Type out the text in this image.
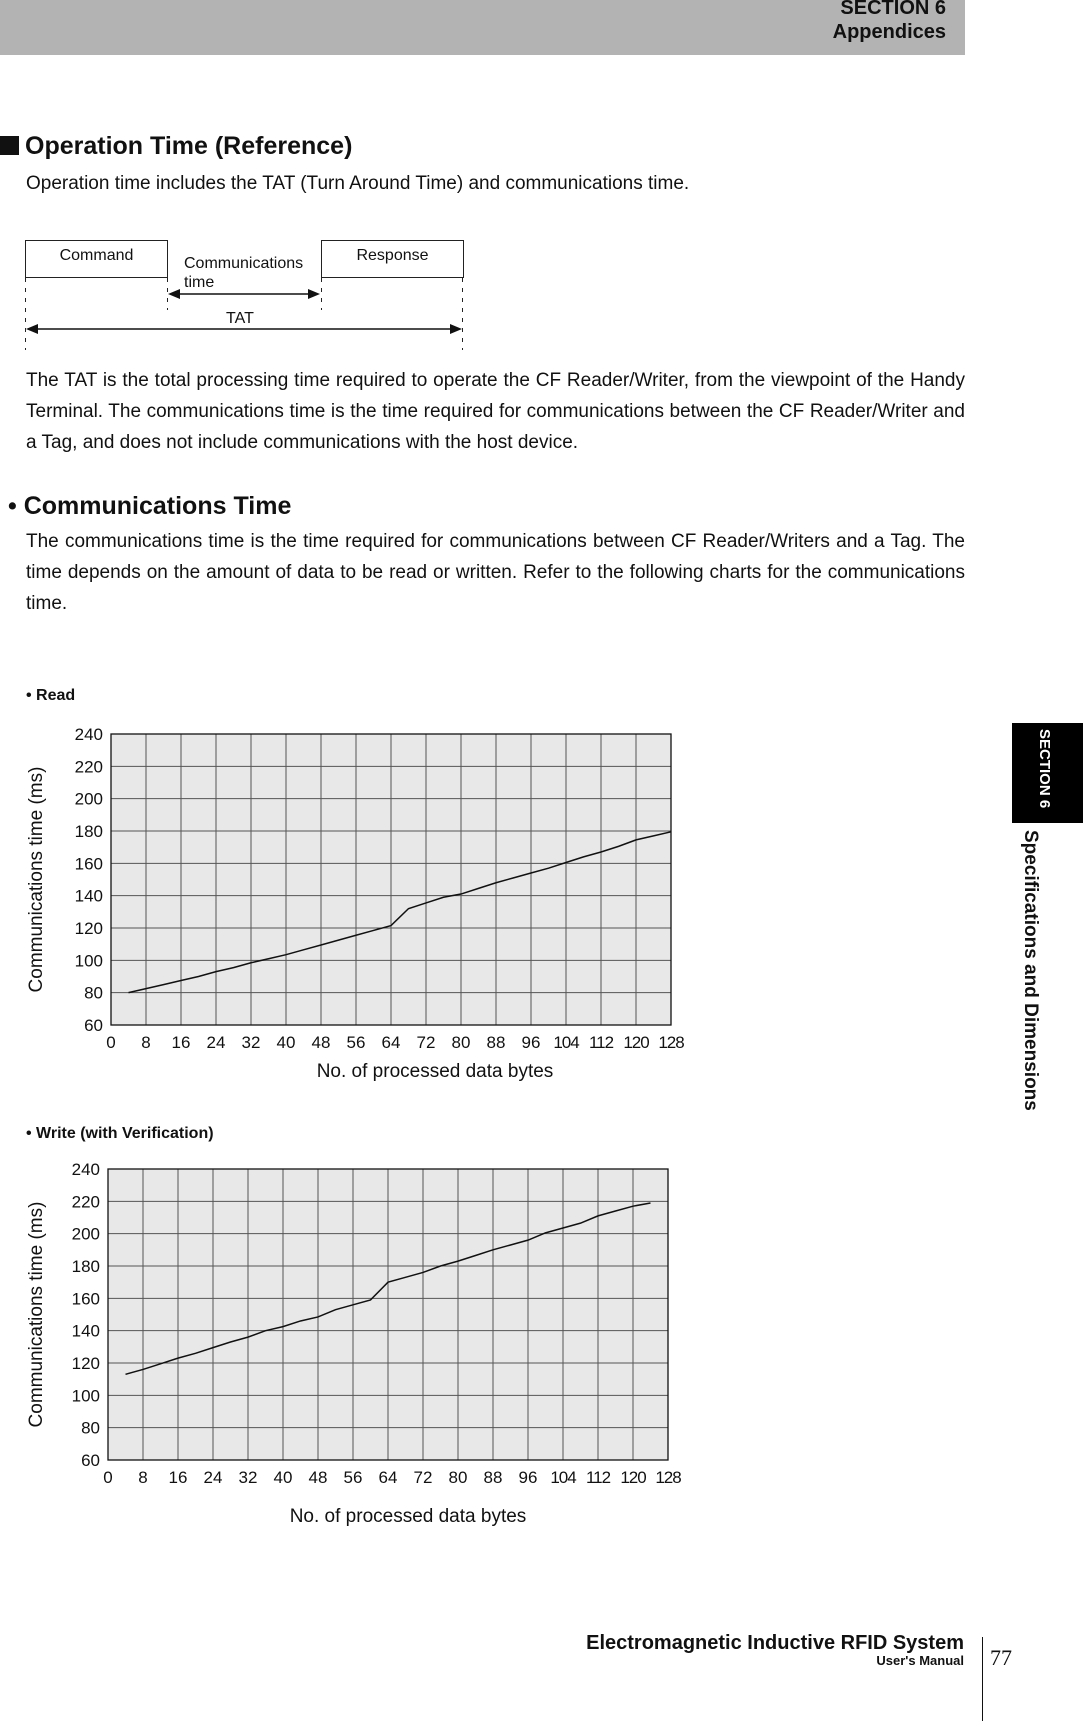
SECTION 6
Appendices
Operation Time (Reference)
Operation time includes the TAT (Turn Around Time) and communications time.
Command	Response
Communications
time
TAT
The TAT is the total processing time required to operate the CF Reader/Writer, from the viewpoint of the Handy Terminal. The communications time is the time required for communications between the CF Reader/Writer and a Tag, and does not include communications with the host device.
• Communications Time
The communications time is the time required for communications between CF Reader/Writers and a Tag. The time depends on the amount of data to be read or written. Refer to the following charts for the communications time.
• Read
• Write (with Verification)
60
80
100
120
140
160
180
200
220
240
0 8 16 24 32 40 48 56 64 72 80 88 96 104 112 120 128
Communications time (ms)
No. of processed data bytes
60
80
100
120
140
160
180
200
220
240
0 8 16 24 32 40 48 56 64 72 80 88 96 104 112 120 128
Communications time (ms)
No. of processed data bytes
SECTION 6
Specifications and Dimensions
Electromagnetic Inductive RFID System
User's Manual 77
